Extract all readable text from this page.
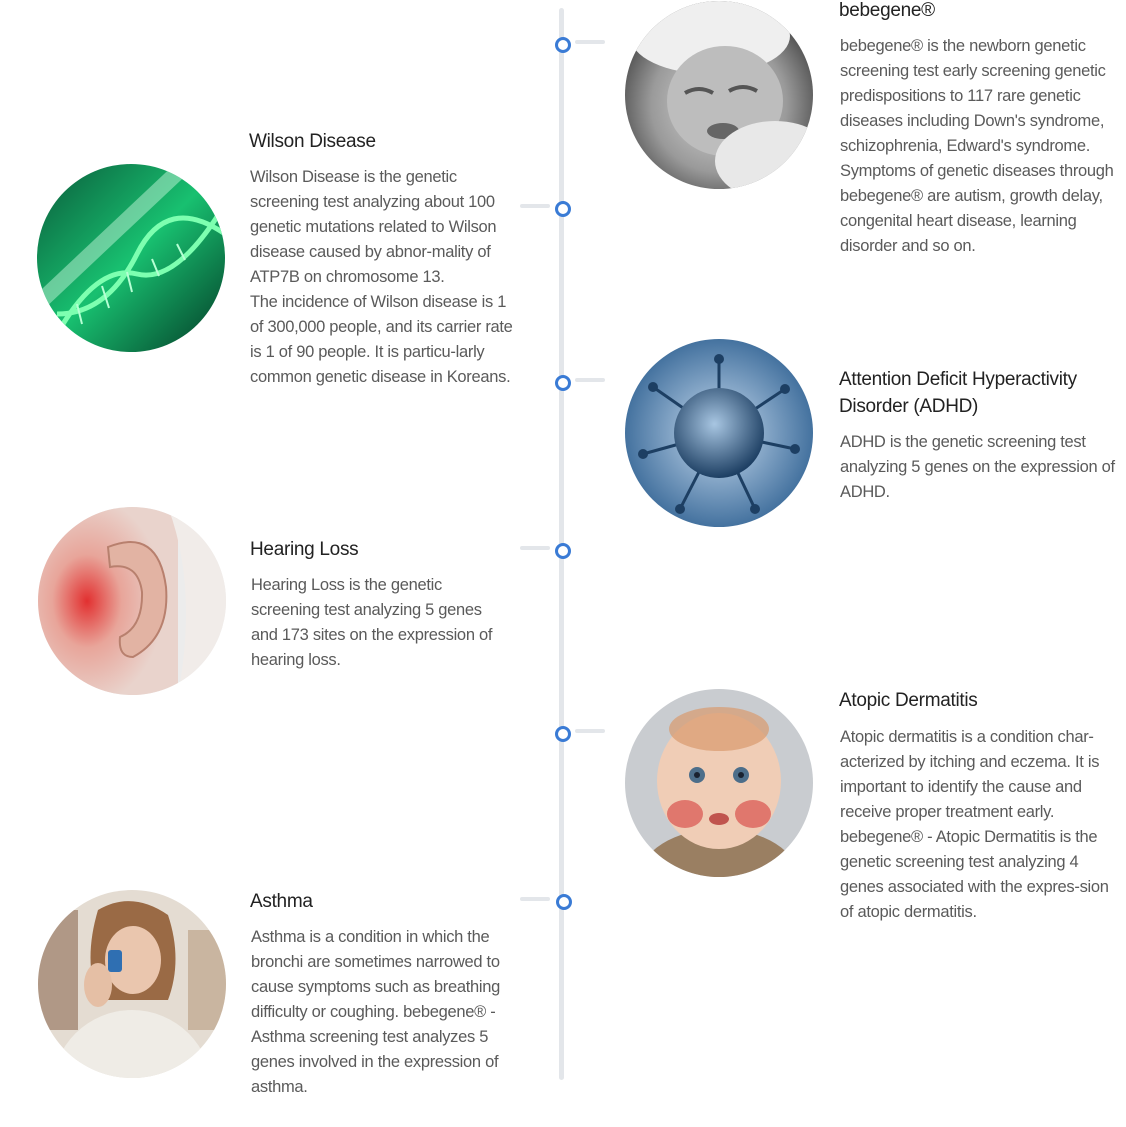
bebegene®

bebegene® is the newborn genetic screening test early screening genetic predispositions to 117 rare genetic diseases including Down's syndrome, schizophrenia, Edward's syndrome.
Symptoms of genetic diseases through bebegene® are autism, growth delay, congenital heart disease, learning disorder and so on.

Wilson Disease

Wilson Disease is the genetic screening test analyzing about 100 genetic mutations related to Wilson disease caused by abnor-mality of ATP7B on chromosome 13.
The incidence of Wilson disease is 1 of 300,000 people, and its carrier rate is 1 of 90 people. It is particu-larly common genetic disease in Koreans.	Attention Deficit Hyperactivity Disorder (ADHD)

ADHD is the genetic screening test analyzing 5 genes on the expression of ADHD.

Hearing Loss

Hearing Loss is the genetic screening test analyzing 5 genes and 173 sites on the expression of hearing loss.

Atopic Dermatitis

Atopic dermatitis is a condition char-acterized by itching and eczema. It is important to identify the cause and receive proper treatment early.
bebegene® - Atopic Dermatitis is the genetic screening test analyzing 4 genes associated with the expres-sion of atopic dermatitis.

Asthma

Asthma is a condition in which the bronchi are sometimes narrowed to cause symptoms such as breathing difficulty or coughing. bebegene® - Asthma screening test analyzes 5 genes involved in the expression of asthma.
